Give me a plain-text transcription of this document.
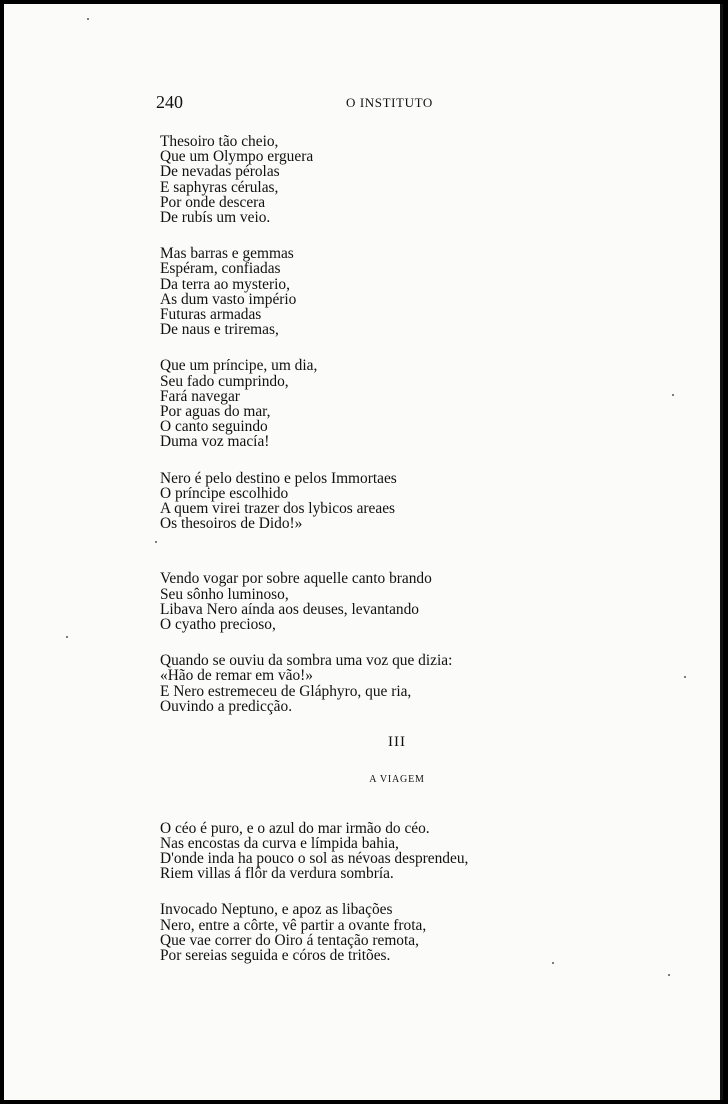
240	O INSTITUTO
Thesoiro tão cheio,
Que um Olympo erguera
De nevadas pérolas
E saphyras cérulas,
Por onde descera
De rubís um veio.
Mas barras e gemmas
Espéram, confiadas
Da terra ao mysterio,
As dum vasto império
Futuras armadas
De naus e triremas,
Que um príncipe, um dia,
Seu fado cumprindo,
Fará navegar
Por aguas do mar,
O canto seguindo
Duma voz macía!
Nero é pelo destino e pelos Immortaes
O príncipe escolhido
A quem virei trazer dos lybicos areaes
Os thesoiros de Dido!»
Vendo vogar por sobre aquelle canto brando
Seu sônho luminoso,
Libava Nero aínda aos deuses, levantando
O cyatho precioso,
Quando se ouviu da sombra uma voz que dizia:
«Hão de remar em vão!»
E Nero estremeceu de Gláphyro, que ria,
Ouvindo a predicção.
III
A VIAGEM
O céo é puro, e o azul do mar irmão do céo.
Nas encostas da curva e límpida bahia,
D'onde inda ha pouco o sol as névoas desprendeu,
Riem villas á flôr da verdura sombría.
Invocado Neptuno, e apoz as libações
Nero, entre a côrte, vê partir a ovante frota,
Que vae correr do Oiro á tentação remota,
Por sereias seguida e córos de tritões.
